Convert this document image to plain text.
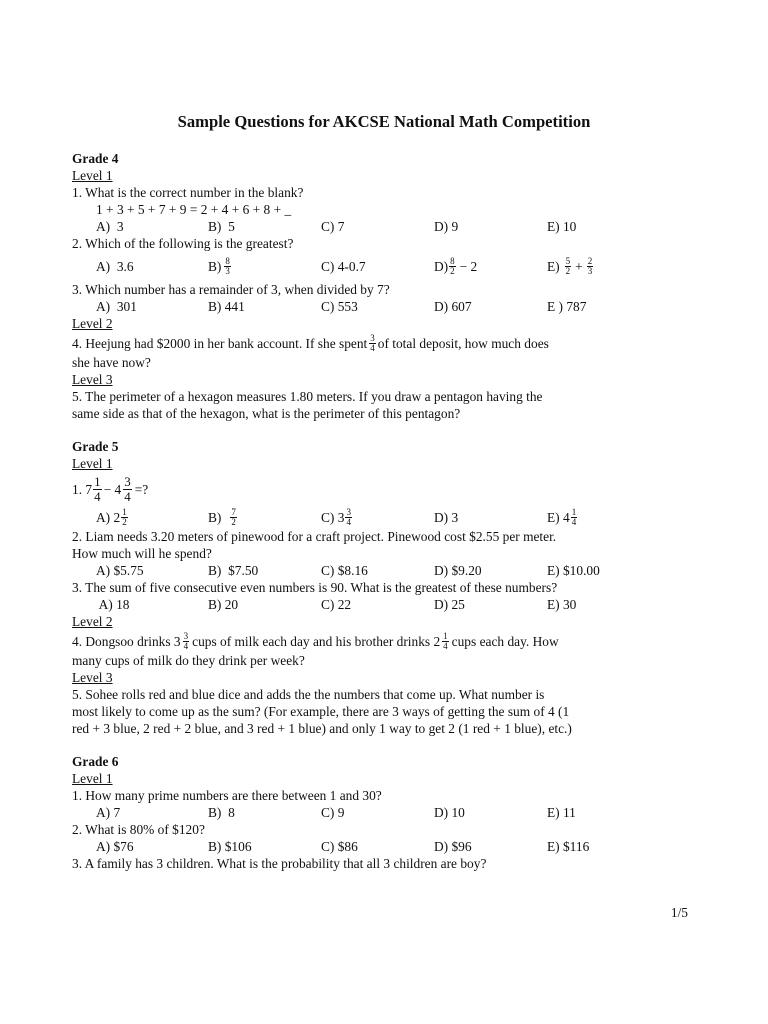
Sample Questions for AKCSE National Math Competition

Grade 4

Level 1

1. What is the correct number in the blank?

1 + 3 + 5 + 7 + 9 = 2 + 4 + 6 + 8 + _

A)  3	B)  5	C) 7	D) 9	E) 10

2. Which of the following is the greatest?

A)  3.6	$B) \frac{8}{3}$	C) 4-0.7	$D) \frac{8}{2} - 2$	$E) \frac{5}{2} + \frac{2}{3}$

3. Which number has a remainder of 3, when divided by 7?

A)  301	B) 441	C) 553	D) 607	E ) 787

Level 2

4. Heejung had $2000 in her bank account. If she spent $\frac{3}{4}$ of total deposit, how much does

she have now?

Level 3

5. The perimeter of a hexagon measures 1.80 meters. If you draw a pentagon having the

same side as that of the hexagon, what is the perimeter of this pentagon?

Grade 5

Level 1

1. $7 \frac{1}{4} - 4 \frac{3}{4}$ =?

A) $2 \frac{1}{2}$	$B) \frac{7}{2}$	C) $3 \frac{3}{4}$	D) 3	E) $4 \frac{1}{4}$

2. Liam needs 3.20 meters of pinewood for a craft project. Pinewood cost $2.55 per meter.

How much will he spend?

A) $5.75	B)  $7.50	C) $8.16	D) $9.20	E) $10.00

3. The sum of five consecutive even numbers is 90. What is the greatest of these numbers?

A) 18	B) 20	C) 22	D) 25	E) 30

Level 2

4. Dongsoo drinks $3 \frac{3}{4}$ cups of milk each day and his brother drinks $2 \frac{1}{4}$ cups each day. How

many cups of milk do they drink per week?

Level 3

5. Sohee rolls red and blue dice and adds the the numbers that come up. What number is

most likely to come up as the sum? (For example, there are 3 ways of getting the sum of 4 (1

red + 3 blue, 2 red + 2 blue, and 3 red + 1 blue) and only 1 way to get 2 (1 red + 1 blue), etc.)

Grade 6

Level 1

1. How many prime numbers are there between 1 and 30?

A) 7	B)  8	C) 9	D) 10	E) 11

2. What is 80% of $120?

A) $76	B) $106	C) $86	D) $96	E) $116

3. A family has 3 children. What is the probability that all 3 children are boy?

1/5
